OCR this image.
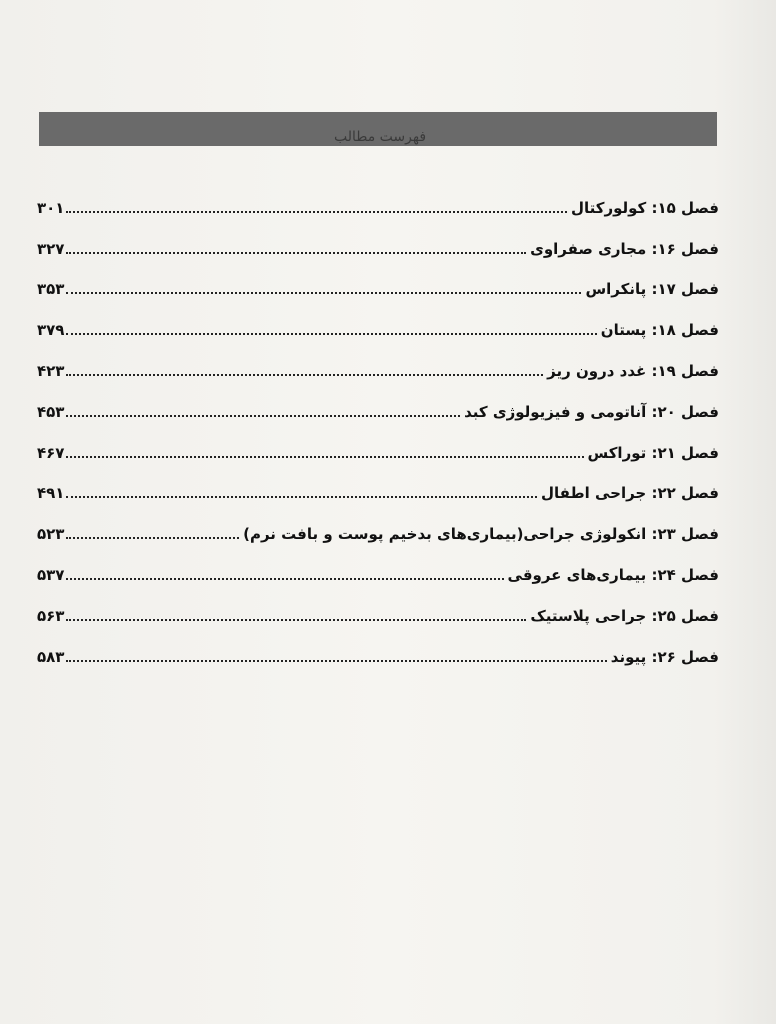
فهرست مطالب
فصل ۱۵: کولورکتال
۳۰۱
فصل ۱۶: مجاری صفراوی
۳۲۷
فصل ۱۷: پانکراس
۳۵۳
فصل ۱۸: پستان
۳۷۹
فصل ۱۹: غدد درون ریز
۴۲۳
فصل ۲۰: آناتومی و فیزیولوژی کبد
۴۵۳
فصل ۲۱: توراکس
۴۶۷
فصل ۲۲: جراحی اطفال
۴۹۱
فصل ۲۳: انکولوژی جراحی(بیماری‌های بدخیم پوست و بافت نرم)
۵۲۳
فصل ۲۴: بیماری‌های عروقی
۵۳۷
فصل ۲۵: جراحی پلاستیک
۵۶۳
فصل ۲۶: پیوند
۵۸۳
